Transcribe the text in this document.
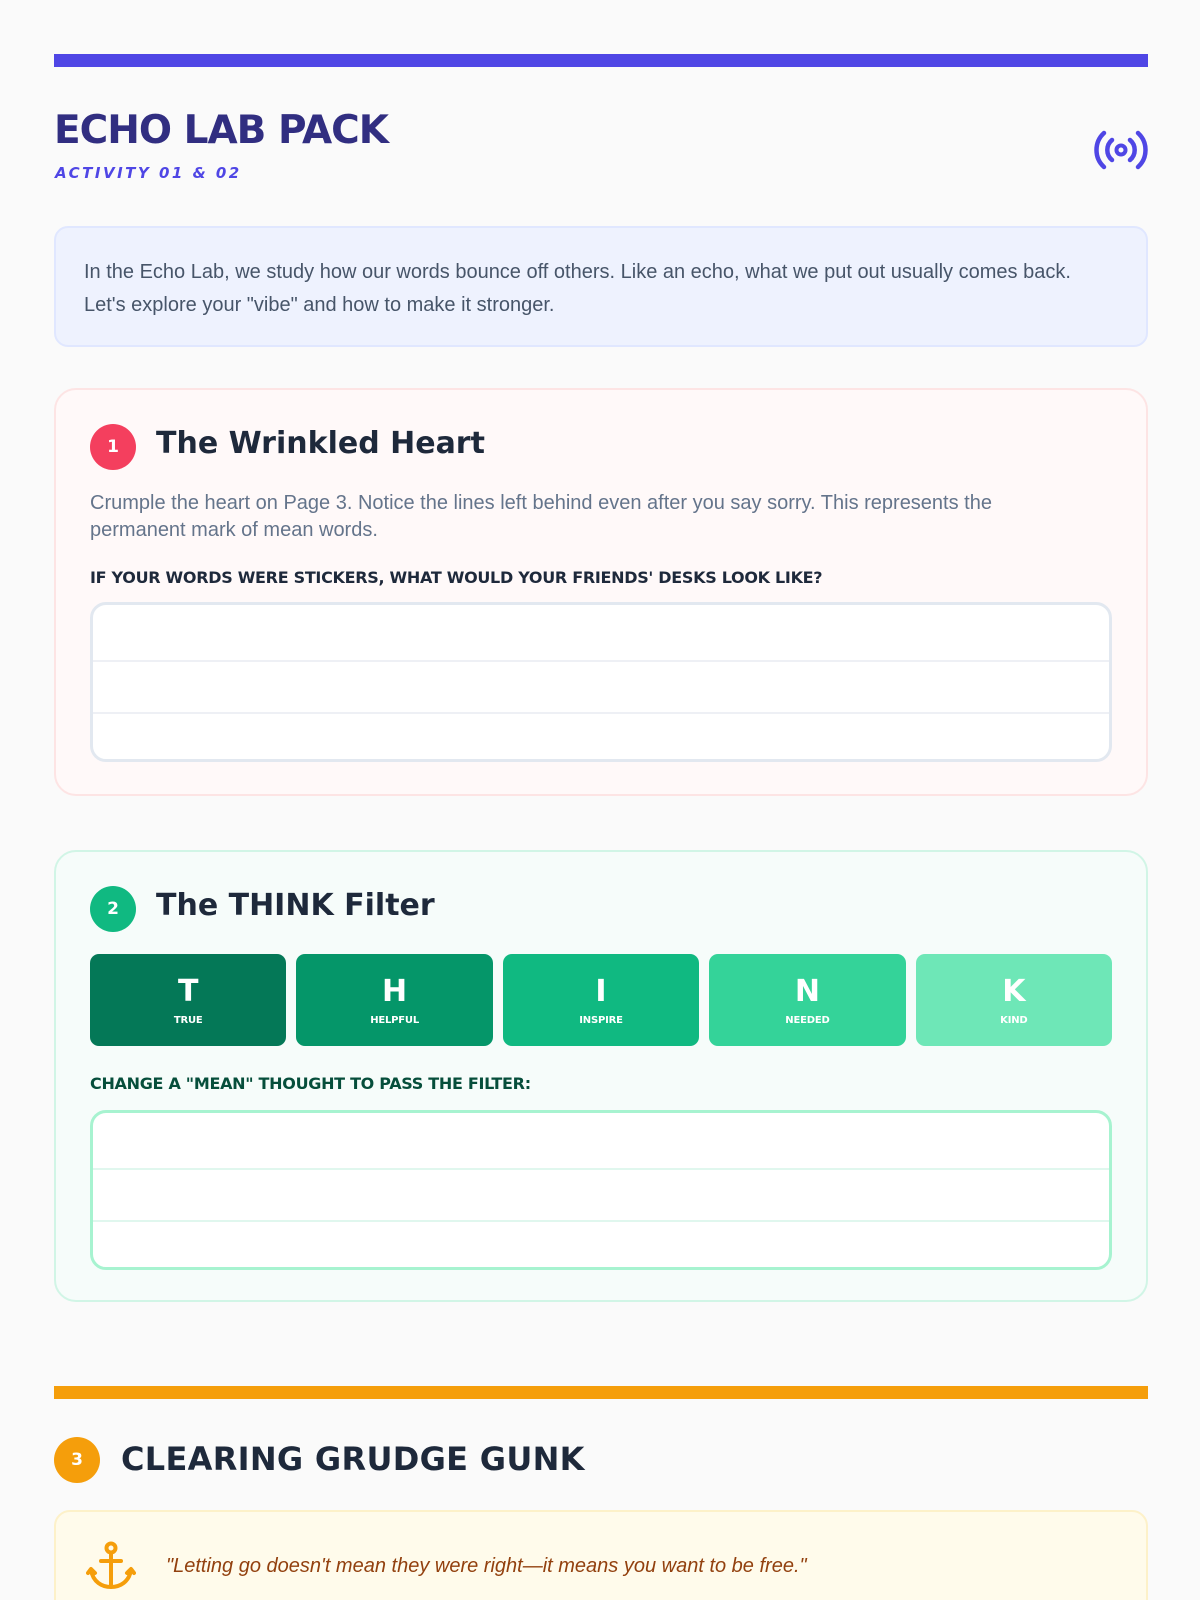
ECHO LAB PACK
ACTIVITY 01 & 02

In the Echo Lab, we study how our words bounce off others. Like an echo, what we put out usually comes back. Let's explore your "vibe" and how to make it stronger.

1	The Wrinkled Heart

Crumple the heart on Page 3. Notice the lines left behind even after you say sorry. This represents the permanent mark of mean words.

IF YOUR WORDS WERE STICKERS, WHAT WOULD YOUR FRIENDS' DESKS LOOK LIKE?
2	The THINK Filter
T
TRUE
H
HELPFUL
I
INSPIRE
N
NEEDED
K
KIND
CHANGE A "MEAN" THOUGHT TO PASS THE FILTER:
3	CLEARING GRUDGE GUNK

"Letting go doesn't mean they were right—it means you want to be free."
